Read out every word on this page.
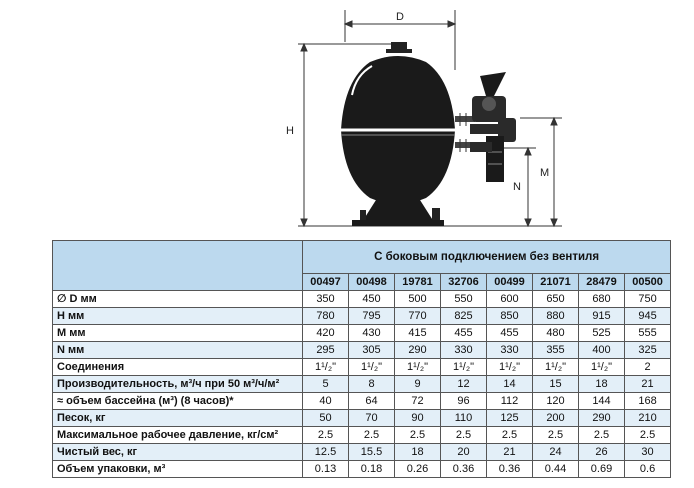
D
H
M
N
	С боковым подключением без вентиля							
	00497	00498	19781	32706	00499	21071	28479	00500
∅ D мм	350	450	500	550	600	650	680	750
H мм	780	795	770	825	850	880	915	945
M мм	420	430	415	455	455	480	525	555
N мм	295	305	290	330	330	355	400	325
Соединения	1¹/₂"	1¹/₂"	1¹/₂"	1¹/₂"	1¹/₂"	1¹/₂"	1¹/₂"	2
Производительность, м³/ч при 50 м³/ч/м²	5	8	9	12	14	15	18	21
≈ объем бассейна (м³) (8 часов)*	40	64	72	96	112	120	144	168
Песок, кг	50	70	90	110	125	200	290	210
Максимальное рабочее давление, кг/см²	2.5	2.5	2.5	2.5	2.5	2.5	2.5	2.5
Чистый вес, кг	12.5	15.5	18	20	21	24	26	30
Объем упаковки, м³	0.13	0.18	0.26	0.36	0.36	0.44	0.69	0.6
